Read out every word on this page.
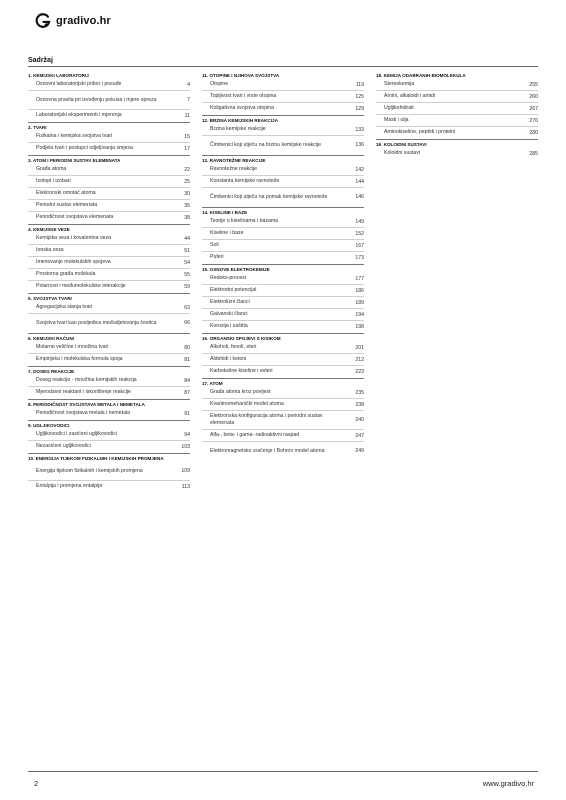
gradivo.hr
Sadržaj
1. KEMIJSKI LABORATORIJ
Osnovni laboratorijski pribor i posuđe	4
Osnovna pravila pri izvođenju pokusa i mjere opreza	7
Laboratorijski eksperimenti i mjerenja	11
2. TVARI
Fizikalna i kemijska svojstva tvari	15
Podjela tvari i postupci odjeljivanja smjesa	17
3. ATOM I PERIODNI SUSTAV ELEMENATA
Građa atoma	22
Izotopi i izobari	25
Elektronski omotač atoma	30
Periodni sustav elemenata	35
Periodičnost svojstava elemenata	38
4. KEMIJSKE VEZE
Kemijska veza i kovalentna veza	44
Ionska veza	51
Imenovanje molekulskih spojeva	54
Prostorna građa molekula	55
Polarnost i međumolekulske interakcije	59
5. SVOJSTVA TVARI
Agregacijska stanja tvari	63
Svojstva tvari kao posljedica međudjelovanja čestica	66
6. KEMIJSKI RAČUNI
Molarne veličine i množina tvari	80
Empirijska i molekulska formula spoja	81
7. DOSEG REAKCIJE
Doseg reakcije - množina kemijskih reakcija	84
Mjerodavni reaktant i iskorištenje reakcije	87
8. PERIODIČNOST SVOJSTAVA METALA I NEMETALA
Periodičnost svojstava metala i nemetala	91
9. UGLJIKOVODICI
Ugljikovodici i zasićeni ugljikovodici	94
Nezasićeni ugljikovodici	103
10. ENERGIJA TIJEKOM FIZIKALNIH I KEMIJSKIH PROMJENA
Energija tijekom fizikalnih i kemijskih promjena	109
Entalpija i promjena entalpije	113
11. OTOPINE I NJIHOVA SVOJSTVA
Otopine	119
Topljivost tvari i vrste otopina	125
Koligativna svojstva otopina	129
12. BRZINA KEMIJSKIH REAKCIJA
Brzina kemijske reakcije	133
Čimbenici koji utječu na brzinu kemijske reakcije	136
13. RAVNOTEŽNE REAKCIJE
Ravnotežne reakcije	142
Konstanta kemijske ravnoteže	144
Čimbenici koji utječu na pomak kemijske ravnoteže	146
14. KISELINE I BAZE
Teorije o kiselinama i bazama	149
Kiseline i baze	152
Soli	167
Puferi	173
15. OSNOVE ELEKTROKEMIJE
Redoks-procesi	177
Elektrodni potencijal	186
Elektrolizni članci	189
Galvanski članci	194
Korozija i zaštita	198
16. ORGANSKI SPOJEVI S KISIKOM
Alkoholi, fenoli, eteri	201
Aldehidi i ketoni	212
Karboksilne kiseline i esteri	223
17. ATOM
Građa atoma kroz povijest	235
Kvantnomehanički model atoma	238
Elektronska konfiguracija atoma i periodni sustav elemenata	240
Alfa-, beta- i gama- radioaktivni raspad	247
Elektromagnetsko zračenje i Bohrov model atoma	249
18. KEMIJA ODABRANIH BIOMOLEKULA
Stereokemija	255
Amini, alkaloidi i amidi	260
Ugljikohidrati	267
Masti i ulja	276
Aminokiseline, peptidi i proteini	280
19. KOLOIDNI SUSTAVI
Koloidni sustavi	285
2	www.gradivo.hr
